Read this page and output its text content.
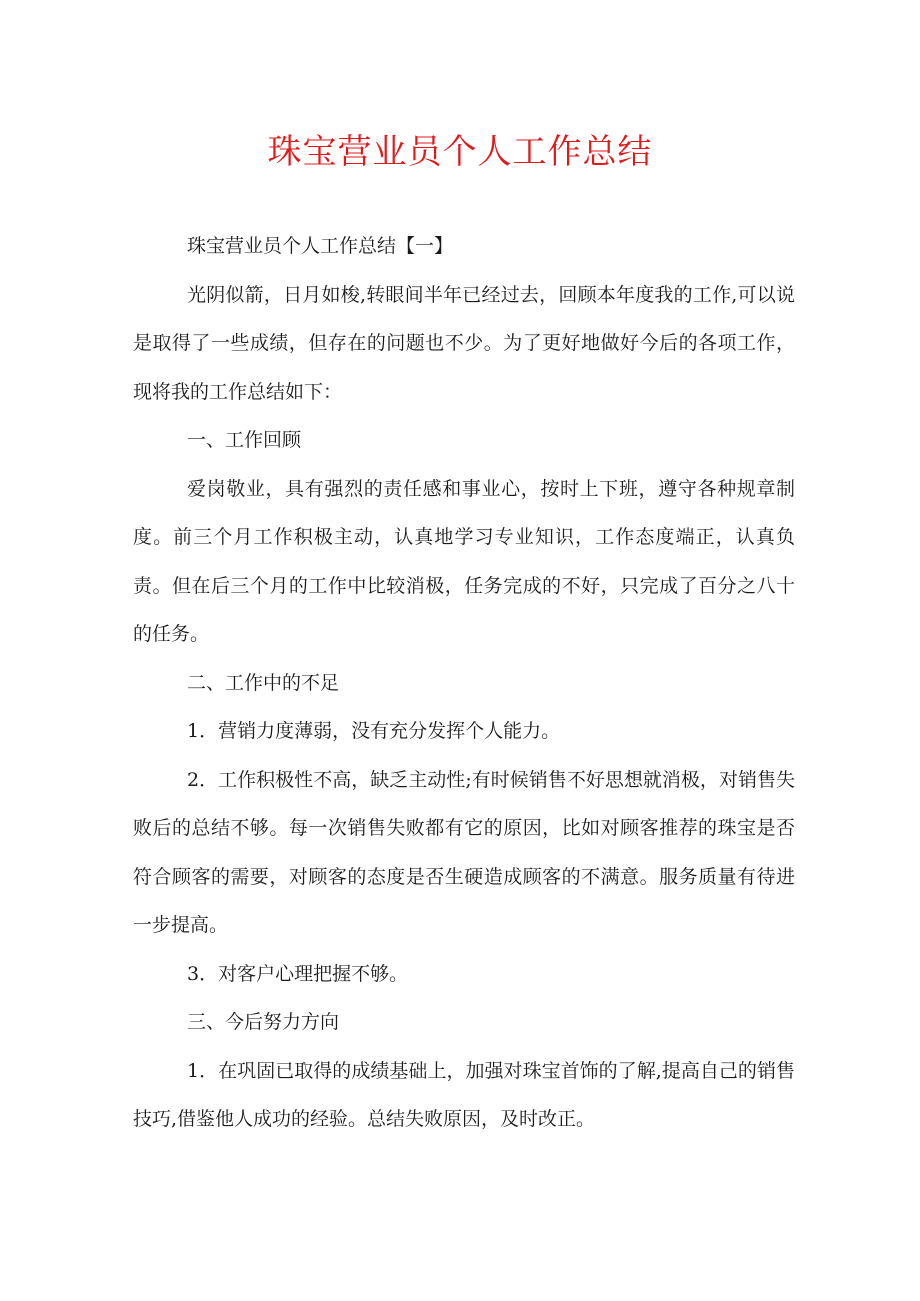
珠宝营业员个人工作总结

珠宝营业员个人工作总结【一】

光阴似箭，日月如梭,转眼间半年已经过去，回顾本年度我的工作,可以说是取得了一些成绩，但存在的问题也不少。为了更好地做好今后的各项工作，现将我的工作总结如下：

一、工作回顾

爱岗敬业，具有强烈的责任感和事业心，按时上下班，遵守各种规章制度。前三个月工作积极主动，认真地学习专业知识，工作态度端正，认真负责。但在后三个月的工作中比较消极，任务完成的不好，只完成了百分之八十的任务。

二、工作中的不足

1．营销力度薄弱，没有充分发挥个人能力。

2．工作积极性不高，缺乏主动性;有时候销售不好思想就消极，对销售失败后的总结不够。每一次销售失败都有它的原因，比如对顾客推荐的珠宝是否符合顾客的需要，对顾客的态度是否生硬造成顾客的不满意。服务质量有待进一步提高。

3．对客户心理把握不够。

三、今后努力方向

1．在巩固已取得的成绩基础上，加强对珠宝首饰的了解,提高自己的销售技巧,借鉴他人成功的经验。总结失败原因，及时改正。
